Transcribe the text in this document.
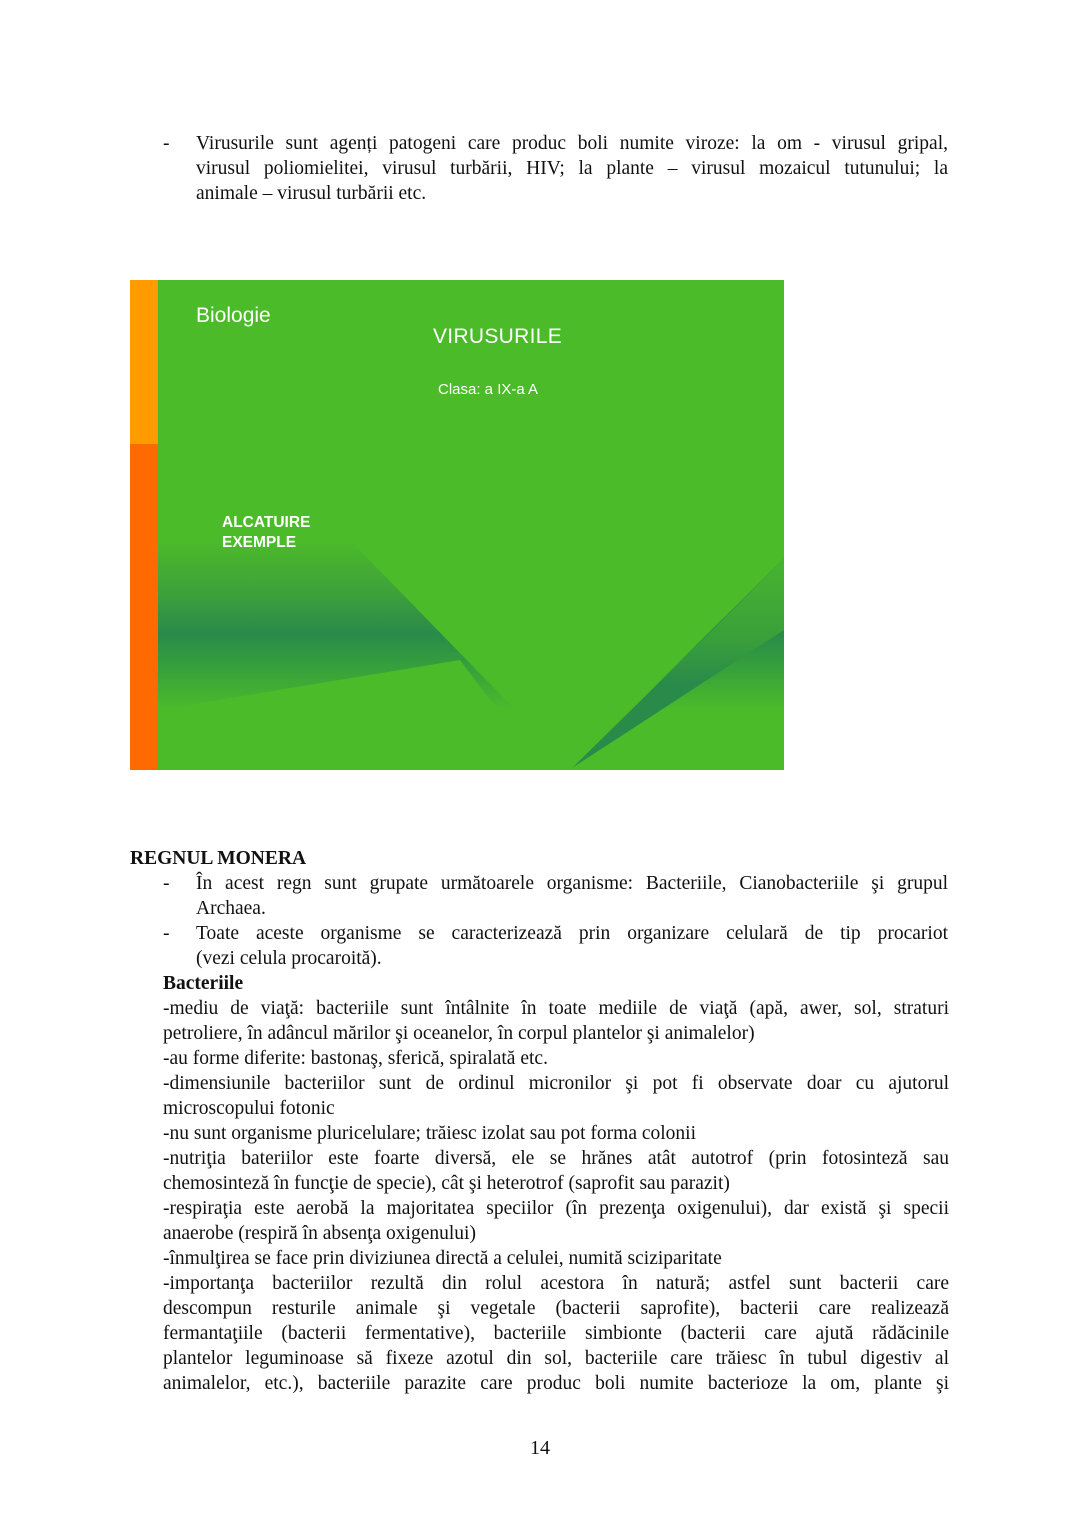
- Virusurile sunt agenți patogeni care produc boli numite viroze: la om - virusul gripal,
virusul poliomielitei, virusul turbării, HIV; la plante – virusul mozaicul tutunului; la
animale – virusul turbării etc.
Biologie
VIRUSURILE
Clasa: a IX-a A
ALCATUIRE
EXEMPLE
REGNUL MONERA
- În acest regn sunt grupate următoarele organisme: Bacteriile, Cianobacteriile şi grupul
Archaea.
- Toate aceste organisme se caracterizează prin organizare celulară de tip procariot
(vezi celula procaroită).
Bacteriile
-mediu de viaţă: bacteriile sunt întâlnite în toate mediile de viaţă (apă, awer, sol, straturi
petroliere, în adâncul mărilor şi oceanelor, în corpul plantelor şi animalelor)
-au forme diferite: bastonaş, sferică, spiralată etc.
-dimensiunile bacteriilor sunt de ordinul micronilor şi pot fi observate doar cu ajutorul
microscopului fotonic
-nu sunt organisme pluricelulare; trăiesc izolat sau pot forma colonii
-nutriţia bateriilor este foarte diversă, ele se hrănes atât autotrof (prin fotosinteză sau
chemosinteză în funcţie de specie), cât şi heterotrof (saprofit sau parazit)
-respiraţia este aerobă la majoritatea speciilor (în prezenţa oxigenului), dar există şi specii
anaerobe (respiră în absenţa oxigenului)
-înmulţirea se face prin diviziunea directă a celulei, numită sciziparitate
-importanţa bacteriilor rezultă din rolul acestora în natură; astfel sunt bacterii care
descompun resturile animale şi vegetale (bacterii saprofite), bacterii care realizează
fermantaţiile (bacterii fermentative), bacteriile simbionte (bacterii care ajută rădăcinile
plantelor leguminoase să fixeze azotul din sol, bacteriile care trăiesc în tubul digestiv al
animalelor, etc.), bacteriile parazite care produc boli numite bacterioze la om, plante şi
14
